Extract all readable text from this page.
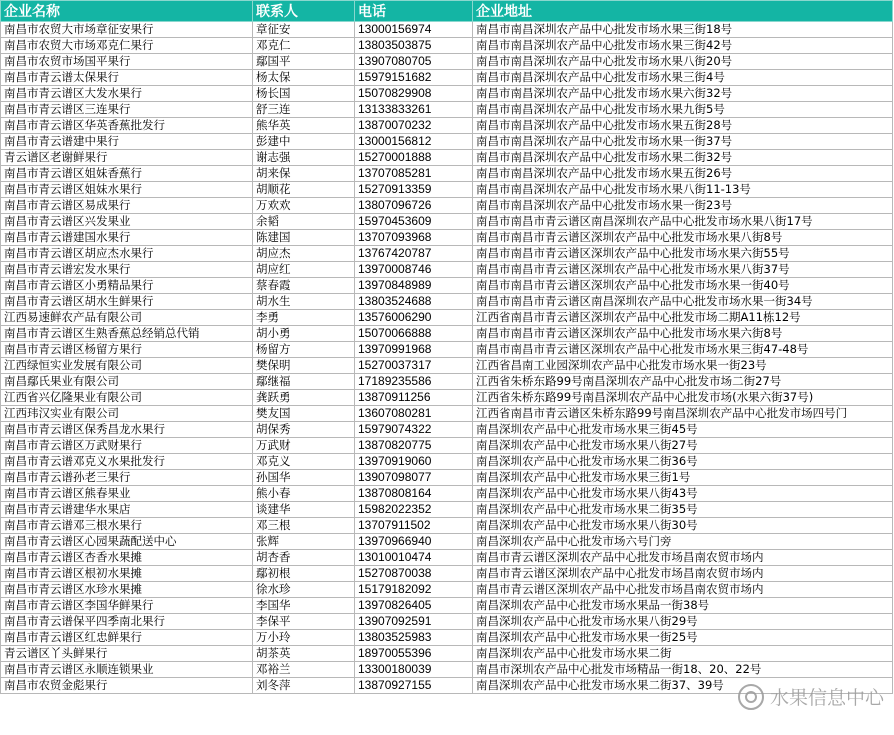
企业名称	联系人	电话	企业地址
南昌市农贸大市场章征安果行	章征安	13000156974	南昌市南昌深圳农产品中心批发市场水果三街18号
南昌市农贸大市场邓克仁果行	邓克仁	13803503875	南昌市南昌深圳农产品中心批发市场水果三街42号
南昌市农贸市场国平果行	鄢国平	13907080705	南昌市南昌深圳农产品中心批发市场水果八街20号
南昌市青云谱太保果行	杨太保	15979151682	南昌市南昌深圳农产品中心批发市场水果三街4号
南昌市青云谱区大发水果行	杨长国	15070829908	南昌市南昌深圳农产品中心批发市场水果六街32号
南昌市青云谱区三连果行	舒三连	13133833261	南昌市南昌深圳农产品中心批发市场水果九街5号
南昌市青云谱区华英香蕉批发行	熊华英	13870070232	南昌市南昌深圳农产品中心批发市场水果五街28号
南昌市青云谱建中果行	彭建中	13000156812	南昌市南昌深圳农产品中心批发市场水果一街37号
青云谱区老谢鲜果行	谢志强	15270001888	南昌市南昌深圳农产品中心批发市场水果二街32号
南昌市青云谱区姐妹香蕉行	胡来保	13707085281	南昌市南昌深圳农产品中心批发市场水果五街26号
南昌市青云谱区姐妹水果行	胡顺花	15270913359	南昌市南昌深圳农产品中心批发市场水果八街11-13号
南昌市青云谱区易成果行	万欢欢	13807096726	南昌市南昌深圳农产品中心批发市场水果一街23号
南昌市青云谱区兴发果业	余韬	15970453609	南昌市南昌市青云谱区南昌深圳农产品中心批发市场水果八街17号
南昌市青云谱建国水果行	陈建国	13707093968	南昌市南昌市青云谱区深圳农产品中心批发市场水果八街8号
南昌市青云谱区胡应杰水果行	胡应杰	13767420787	南昌市南昌市青云谱区深圳农产品中心批发市场水果六街55号
南昌市青云谱宏发水果行	胡应红	13970008746	南昌市南昌市青云谱区深圳农产品中心批发市场水果八街37号
南昌市青云谱区小勇精品果行	蔡春霞	13970848989	南昌市南昌市青云谱区深圳农产品中心批发市场水果一街40号
南昌市青云谱区胡水生鲜果行	胡水生	13803524688	南昌市南昌市青云谱区南昌深圳农产品中心批发市场水果一街34号
江西易速鲜农产品有限公司	李勇	13576006290	江西省南昌市青云谱区深圳农产品中心批发市场二期A11栋12号
南昌市青云谱区生熟香蕉总经销总代销	胡小勇	15070066888	南昌市南昌市青云谱区深圳农产品中心批发市场水果六街8号
南昌市青云谱区杨留方果行	杨留方	13970991968	南昌市南昌市青云谱区深圳农产品中心批发市场水果三街47-48号
江西绿恒实业发展有限公司	樊保明	15270037317	江西省昌南工业园深圳农产品中心批发市场水果一街23号
南昌鄢氏果业有限公司	鄢继福	17189235586	江西省朱桥东路99号南昌深圳农产品中心批发市场二街27号
江西省兴亿隆果业有限公司	龚跃勇	13870911256	江西省朱桥东路99号南昌深圳农产品中心批发市场(水果六街37号)
江西玮汉实业有限公司	樊友国	13607080281	江西省南昌市青云谱区朱桥东路99号南昌深圳农产品中心批发市场四号门
南昌市青云谱区保秀昌龙水果行	胡保秀	15979074322	南昌深圳农产品中心批发市场水果三街45号
南昌市青云谱区万武财果行	万武财	13870820775	南昌深圳农产品中心批发市场水果八街27号
南昌市青云谱邓克义水果批发行	邓克义	13970919060	南昌深圳农产品中心批发市场水果二街36号
南昌市青云谱孙老三果行	孙国华	13907098077	南昌深圳农产品中心批发市场水果三街1号
南昌市青云谱区熊春果业	熊小春	13870808164	南昌深圳农产品中心批发市场水果八街43号
南昌市青云谱建华水果店	谈建华	15982022352	南昌深圳农产品中心批发市场水果二街35号
南昌市青云谱邓三根水果行	邓三根	13707911502	南昌深圳农产品中心批发市场水果八街30号
南昌市青云谱区心园果蔬配送中心	张辉	13970966940	南昌深圳农产品中心批发市场六号门旁
南昌市青云谱区杏香水果摊	胡杏香	13010010474	南昌市青云谱区深圳农产品中心批发市场昌南农贸市场内
南昌市青云谱区根初水果摊	鄢初根	15270870038	南昌市青云谱区深圳农产品中心批发市场昌南农贸市场内
南昌市青云谱区水珍水果摊	徐水珍	15179182092	南昌市青云谱区深圳农产品中心批发市场昌南农贸市场内
南昌市青云谱区李国华鲜果行	李国华	13970826405	南昌深圳农产品中心批发市场水果品一街38号
南昌市青云谱保平四季南北果行	李保平	13907092591	南昌深圳农产品中心批发市场水果八街29号
南昌市青云谱区红忠鲜果行	万小玲	13803525983	南昌深圳农产品中心批发市场水果一街25号
青云谱区丫头鲜果行	胡茶英	18970055396	南昌深圳农产品中心批发市场水果二街
南昌市青云谱区永顺连锁果业	邓裕兰	13300180039	南昌市深圳农产品中心批发市场精品一街18、20、22号
南昌市农贸金彪果行	刘冬萍	13870927155	南昌深圳农产品中心批发市场水果二街37、39号
水果信息中心
